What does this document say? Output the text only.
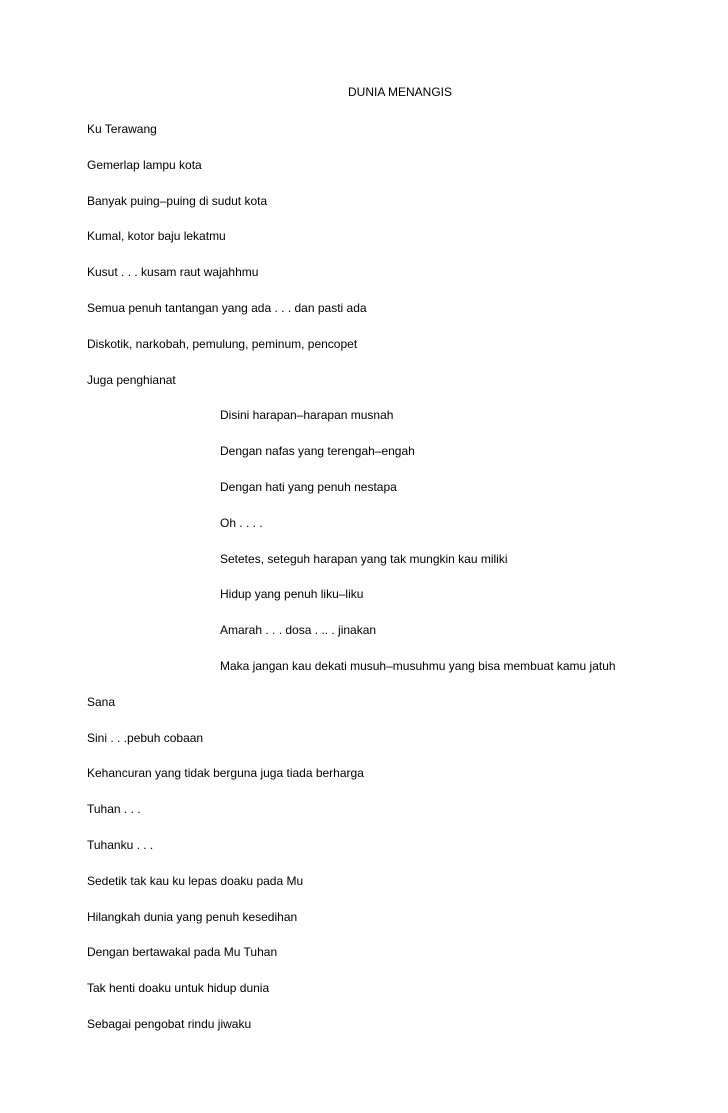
DUNIA MENANGIS
Ku Terawang
Gemerlap lampu kota
Banyak puing–puing di sudut kota
Kumal, kotor baju lekatmu
Kusut . . . kusam raut wajahhmu
Semua penuh tantangan yang ada . . . dan pasti ada
Diskotik, narkobah, pemulung, peminum, pencopet
Juga penghianat
Disini harapan–harapan musnah
Dengan nafas yang terengah–engah
Dengan hati yang penuh nestapa
Oh . . . .
Setetes, seteguh harapan yang tak mungkin kau miliki
Hidup yang penuh liku–liku
Amarah . . . dosa . .. . jinakan
Maka jangan kau dekati musuh–musuhmu yang bisa membuat kamu jatuh
Sana
Sini . . .pebuh cobaan
Kehancuran yang tidak berguna juga tiada berharga
Tuhan . . .
Tuhanku . . .
Sedetik tak kau ku lepas doaku pada Mu
Hilangkah dunia yang penuh kesedihan
Dengan bertawakal pada Mu Tuhan
Tak henti doaku untuk hidup dunia
Sebagai pengobat rindu jiwaku
